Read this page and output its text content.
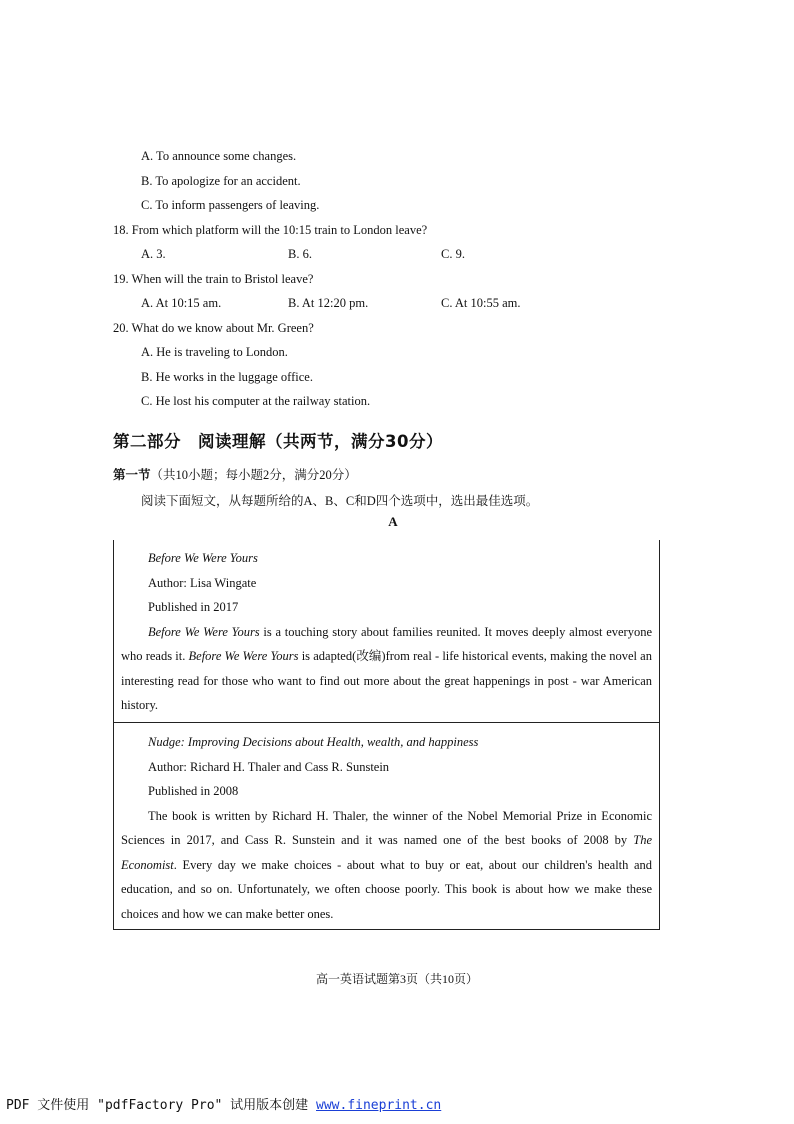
A. To announce some changes.
B. To apologize for an accident.
C. To inform passengers of leaving.
18. From which platform will the 10:15 train to London leave?
A. 3.	B. 6.	C. 9.
19. When will the train to Bristol leave?
A. At 10:15 am.	B. At 12:20 pm.	C. At 10:55 am.
20. What do we know about Mr. Green?
A. He is traveling to London.
B. He works in the luggage office.
C. He lost his computer at the railway station.
第二部分　阅读理解（共两节，满分30分）
第一节（共10小题；每小题2分，满分20分）
阅读下面短文，从每题所给的A、B、C和D四个选项中，选出最佳选项。
A

Before We Were Yours

Author: Lisa Wingate

Published in 2017

Before We Were Yours is a touching story about families reunited. It moves deeply almost everyone who reads it. Before We Were Yours is adapted(改编)from real - life historical events, making the novel an interesting read for those who want to find out more about the great happenings in post - war American history.

Nudge: Improving Decisions about Health, wealth, and happiness

Author: Richard H. Thaler and Cass R. Sunstein

Published in 2008

The book is written by Richard H. Thaler, the winner of the Nobel Memorial Prize in Economic Sciences in 2017, and Cass R. Sunstein and it was named one of the best books of 2008 by The Economist. Every day we make choices - about what to buy or eat, about our children's health and education, and so on. Unfortunately, we often choose poorly. This book is about how we make these choices and how we can make better ones.

高一英语试题第3页（共10页）
PDF 文件使用 "pdfFactory Pro" 试用版本创建 www.fineprint.cn
